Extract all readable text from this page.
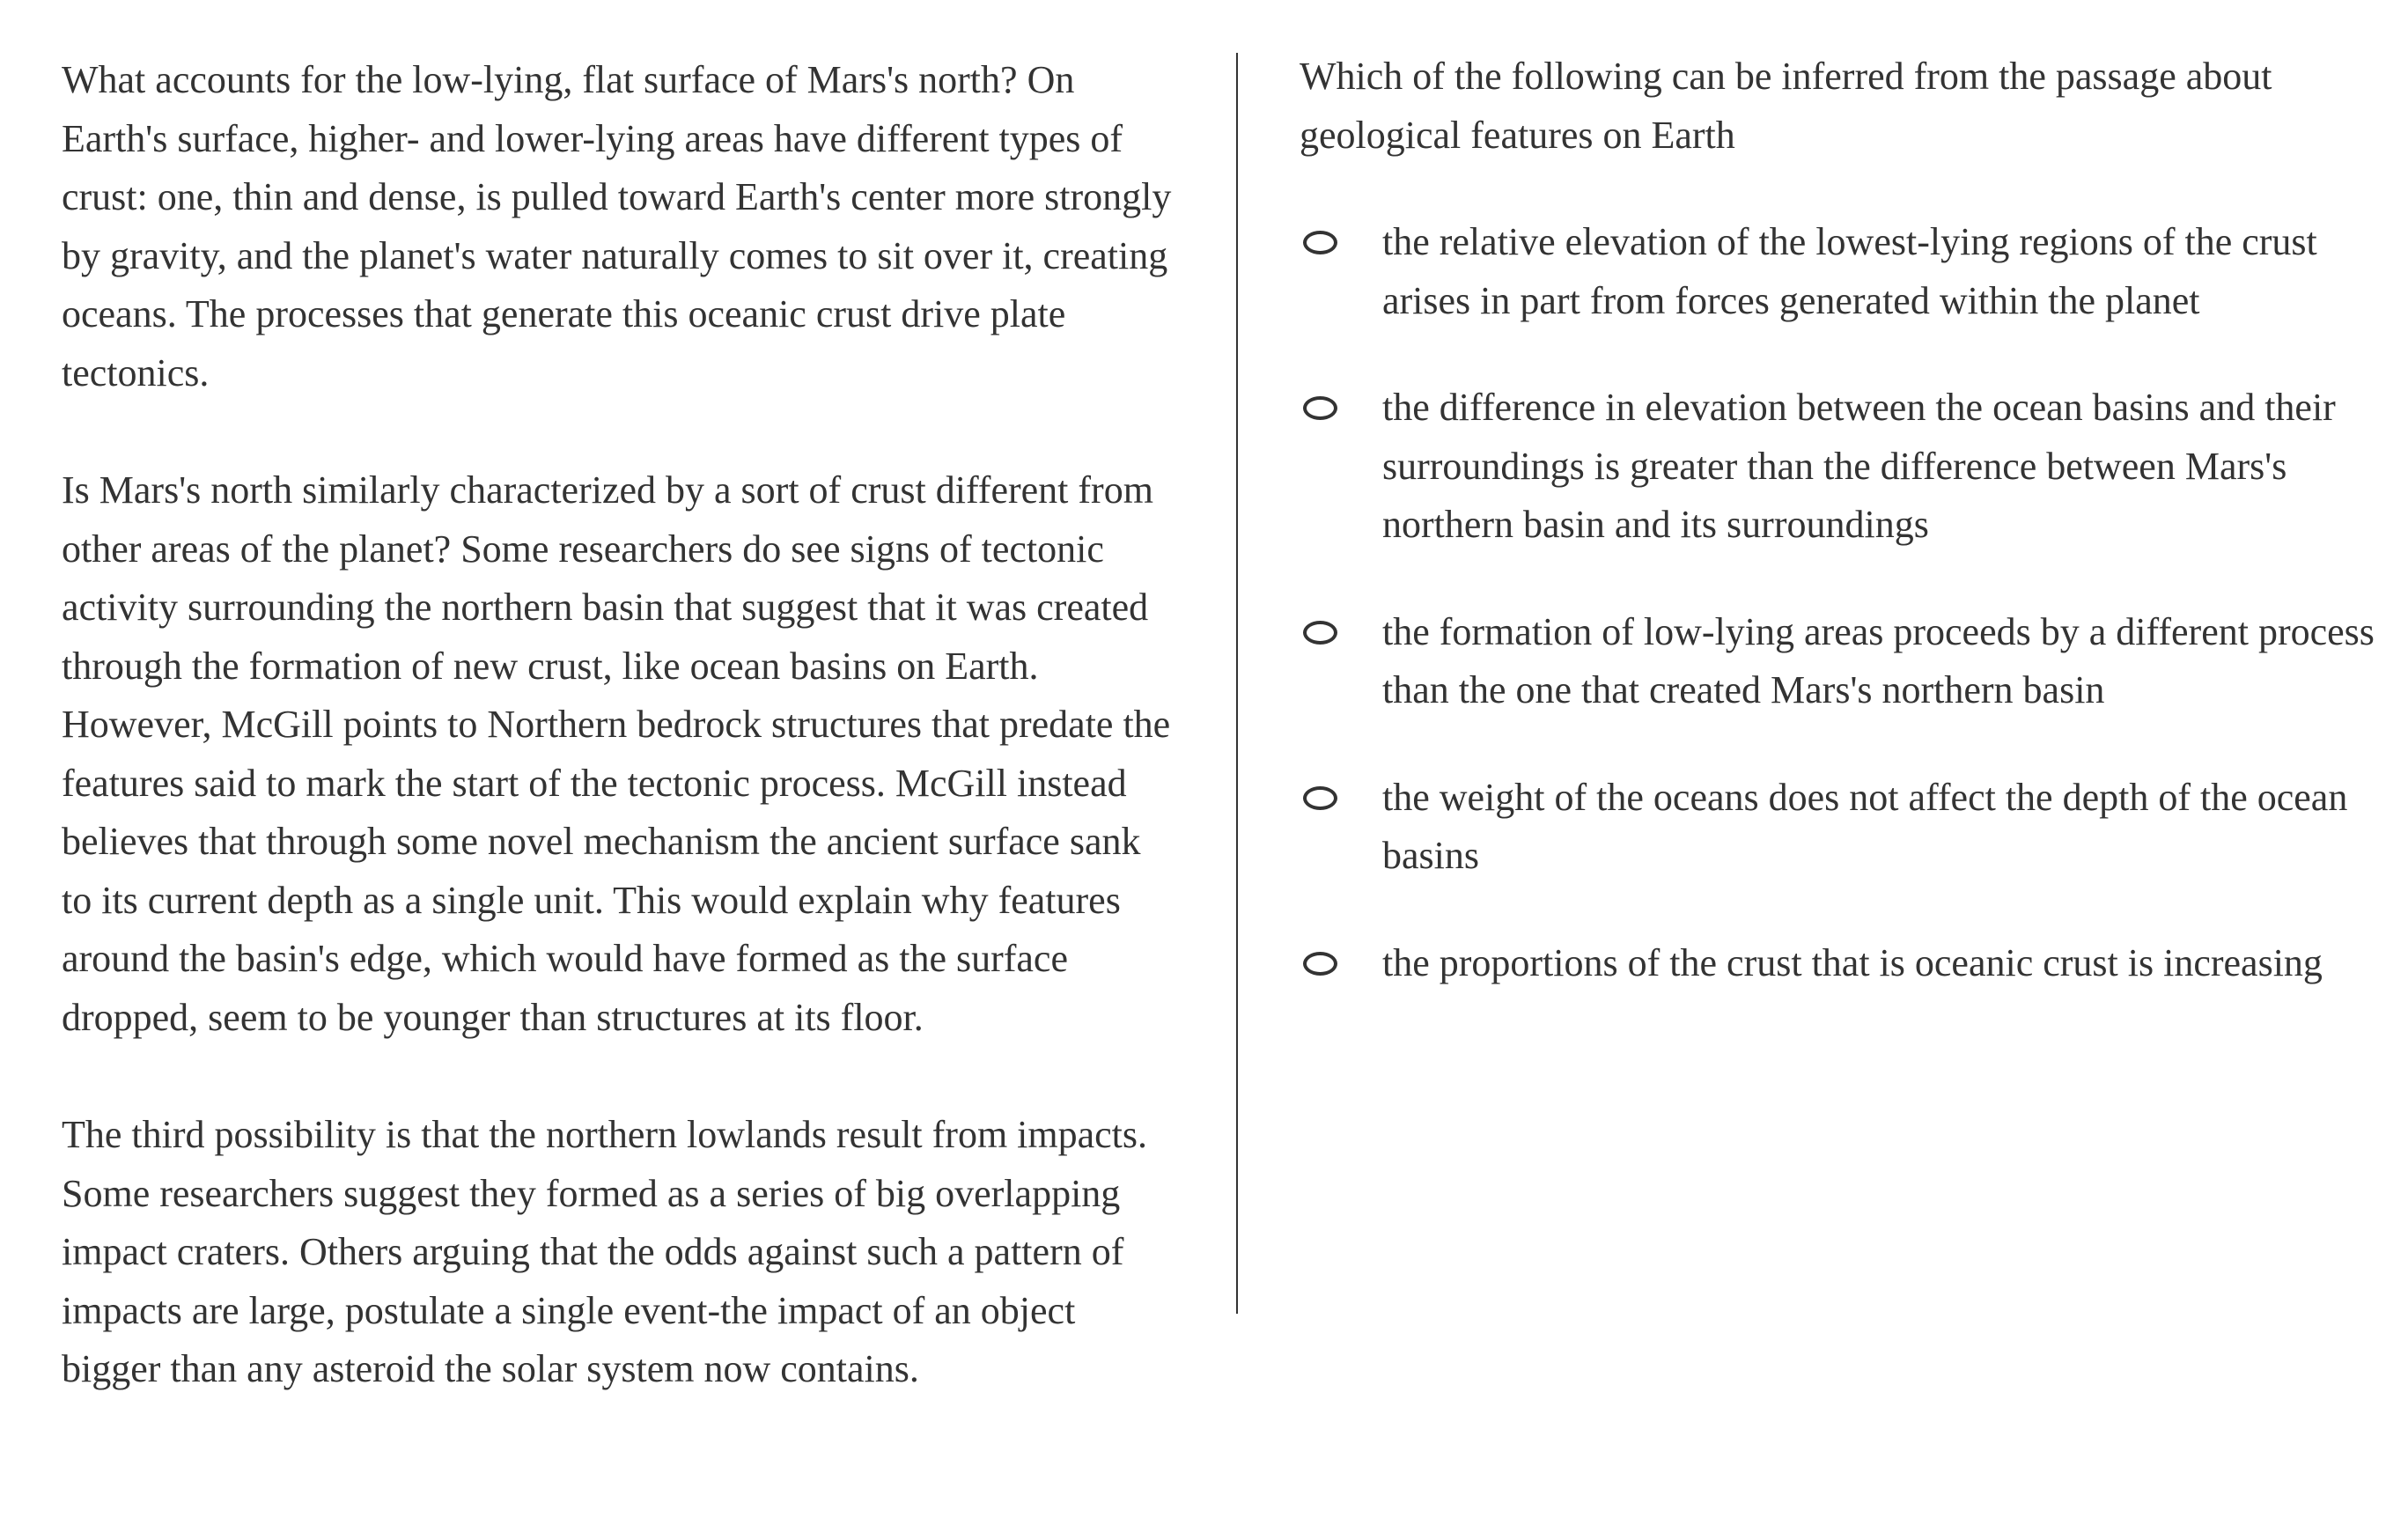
What accounts for the low-lying, flat surface of Mars's north? On Earth's surface, higher- and lower-lying areas have different types of crust: one, thin and dense, is pulled toward Earth's center more strongly by gravity, and the planet's water naturally comes to sit over it, creating oceans. The processes that generate this oceanic crust drive plate tectonics.

Is Mars's north similarly characterized by a sort of crust different from other areas of the planet? Some researchers do see signs of tectonic activity surrounding the northern basin that suggest that it was created through the formation of new crust, like ocean basins on Earth. However, McGill points to Northern bedrock structures that predate the features said to mark the start of the tectonic process. McGill instead believes that through some novel mechanism the ancient surface sank to its current depth as a single unit. This would explain why features around the basin's edge, which would have formed as the surface dropped, seem to be younger than structures at its floor.

The third possibility is that the northern lowlands result from impacts. Some researchers suggest they formed as a series of big overlapping impact craters. Others arguing that the odds against such a pattern of impacts are large, postulate a single event-the impact of an object bigger than any asteroid the solar system now contains.

Which of the following can be inferred from the passage about geological features on Earth

the relative elevation of the lowest-lying regions of the crust arises in part from forces generated within the planet
the difference in elevation between the ocean basins and their surroundings is greater than the difference between Mars's northern basin and its surroundings
the formation of low-lying areas proceeds by a different process than the one that created Mars's northern basin
the weight of the oceans does not affect the depth of the ocean basins
the proportions of the crust that is oceanic crust is increasing
